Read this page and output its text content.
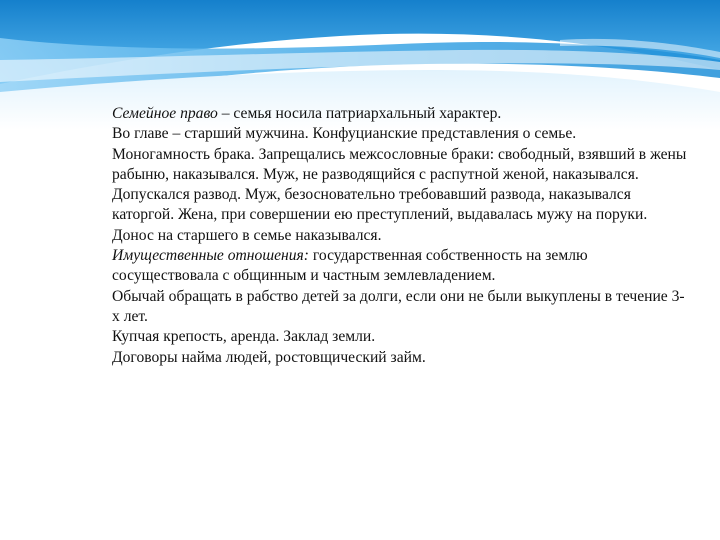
Семейное право – семья носила патриархальный характер.
Во главе – старший мужчина. Конфуцианские представления о семье.
Моногамность брака. Запрещались межсословные браки: свободный, взявший в жены рабыню, наказывался. Муж, не разводящийся с распутной женой, наказывался.
Допускался развод. Муж, безосновательно требовавший развода, наказывался каторгой. Жена, при совершении ею преступлений, выдавалась мужу на поруки.
Донос на старшего в семье наказывался.
Имущественные отношения: государственная собственность на землю сосуществовала с общинным и частным землевладением.
Обычай обращать в рабство детей за долги, если они не были выкуплены в течение 3-х лет.
Купчая крепость, аренда. Заклад земли.
Договоры найма людей, ростовщический займ.
